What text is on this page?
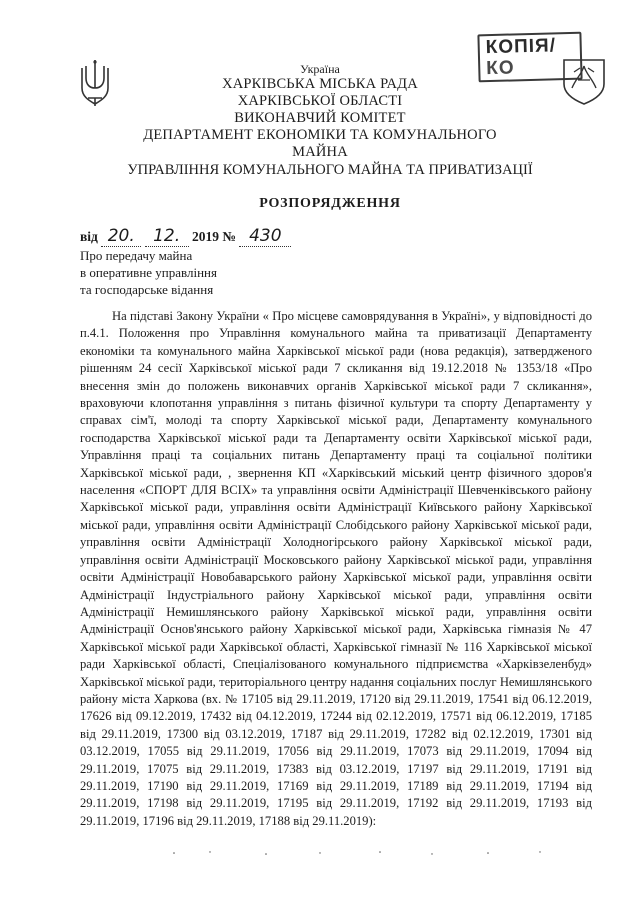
КОПІЯ/
КО
Україна
ХАРКІВСЬКА МІСЬКА РАДА
ХАРКІВСЬКОЇ ОБЛАСТІ
ВИКОНАВЧИЙ КОМІТЕТ
ДЕПАРТАМЕНТ ЕКОНОМІКИ ТА КОМУНАЛЬНОГО МАЙНА
УПРАВЛІННЯ КОМУНАЛЬНОГО МАЙНА ТА ПРИВАТИЗАЦІЇ
РОЗПОРЯДЖЕННЯ
від 20. 12. 2019 № 430
Про передачу майна
в оперативне управління
та господарське відання

На підставі Закону України « Про місцеве самоврядування в Україні», у відповідності до п.4.1. Положення про Управління комунального майна та приватизації Департаменту економіки та комунального майна Харківської міської ради (нова редакція), затвердженого рішенням 24 сесії Харківської міської ради 7 скликання від 19.12.2018 № 1353/18 «Про внесення змін до положень виконавчих органів Харківської міської ради 7 скликання», враховуючи клопотання управління з питань фізичної культури та спорту Департаменту у справах сім'ї, молоді та спорту Харківської міської ради, Департаменту комунального господарства Харківської міської ради та Департаменту освіти Харківської міської ради, Управління праці та соціальних питань Департаменту праці та соціальної політики Харківської міської ради, , звернення КП «Харківський міський центр фізичного здоров'я населення «СПОРТ ДЛЯ ВСІХ» та управління освіти Адміністрації Шевченківського району Харківської міської ради, управління освіти Адміністрації Київського району Харківської міської ради, управління освіти Адміністрації Слобідського району Харківської міської ради, управління освіти Адміністрації Холодногірського району Харківської міської ради, управління освіти Адміністрації Московського району Харківської міської ради, управління освіти Адміністрації Новобаварського району Харківської міської ради, управління освіти Адміністрації Індустріального району Харківської міської ради, управління освіти Адміністрації Немишлянського району Харківської міської ради, управління освіти Адміністрації Основ'янського району Харківської міської ради, Харківська гімназія № 47 Харківської міської ради Харківської області, Харківської гімназії № 116 Харківської міської ради Харківської області, Спеціалізованого комунального підприємства «Харківзеленбуд» Харківської міської ради, територіального центру надання соціальних послуг Немишлянського району міста Харкова (вх. № 17105 від 29.11.2019, 17120 від 29.11.2019, 17541 від 06.12.2019, 17626 від 09.12.2019, 17432 від 04.12.2019, 17244 від 02.12.2019, 17571 від 06.12.2019, 17185 від 29.11.2019, 17300 від 03.12.2019, 17187 від 29.11.2019, 17282 від 02.12.2019, 17301 від 03.12.2019, 17055 від 29.11.2019, 17056 від 29.11.2019, 17073 від 29.11.2019, 17094 від 29.11.2019, 17075 від 29.11.2019, 17383 від 03.12.2019, 17197 від 29.11.2019, 17191 від 29.11.2019, 17190 від 29.11.2019, 17169 від 29.11.2019, 17189 від 29.11.2019, 17194 від 29.11.2019, 17198 від 29.11.2019, 17195 від 29.11.2019, 17192 від 29.11.2019, 17193 від 29.11.2019, 17196 від 29.11.2019, 17188 від 29.11.2019):
